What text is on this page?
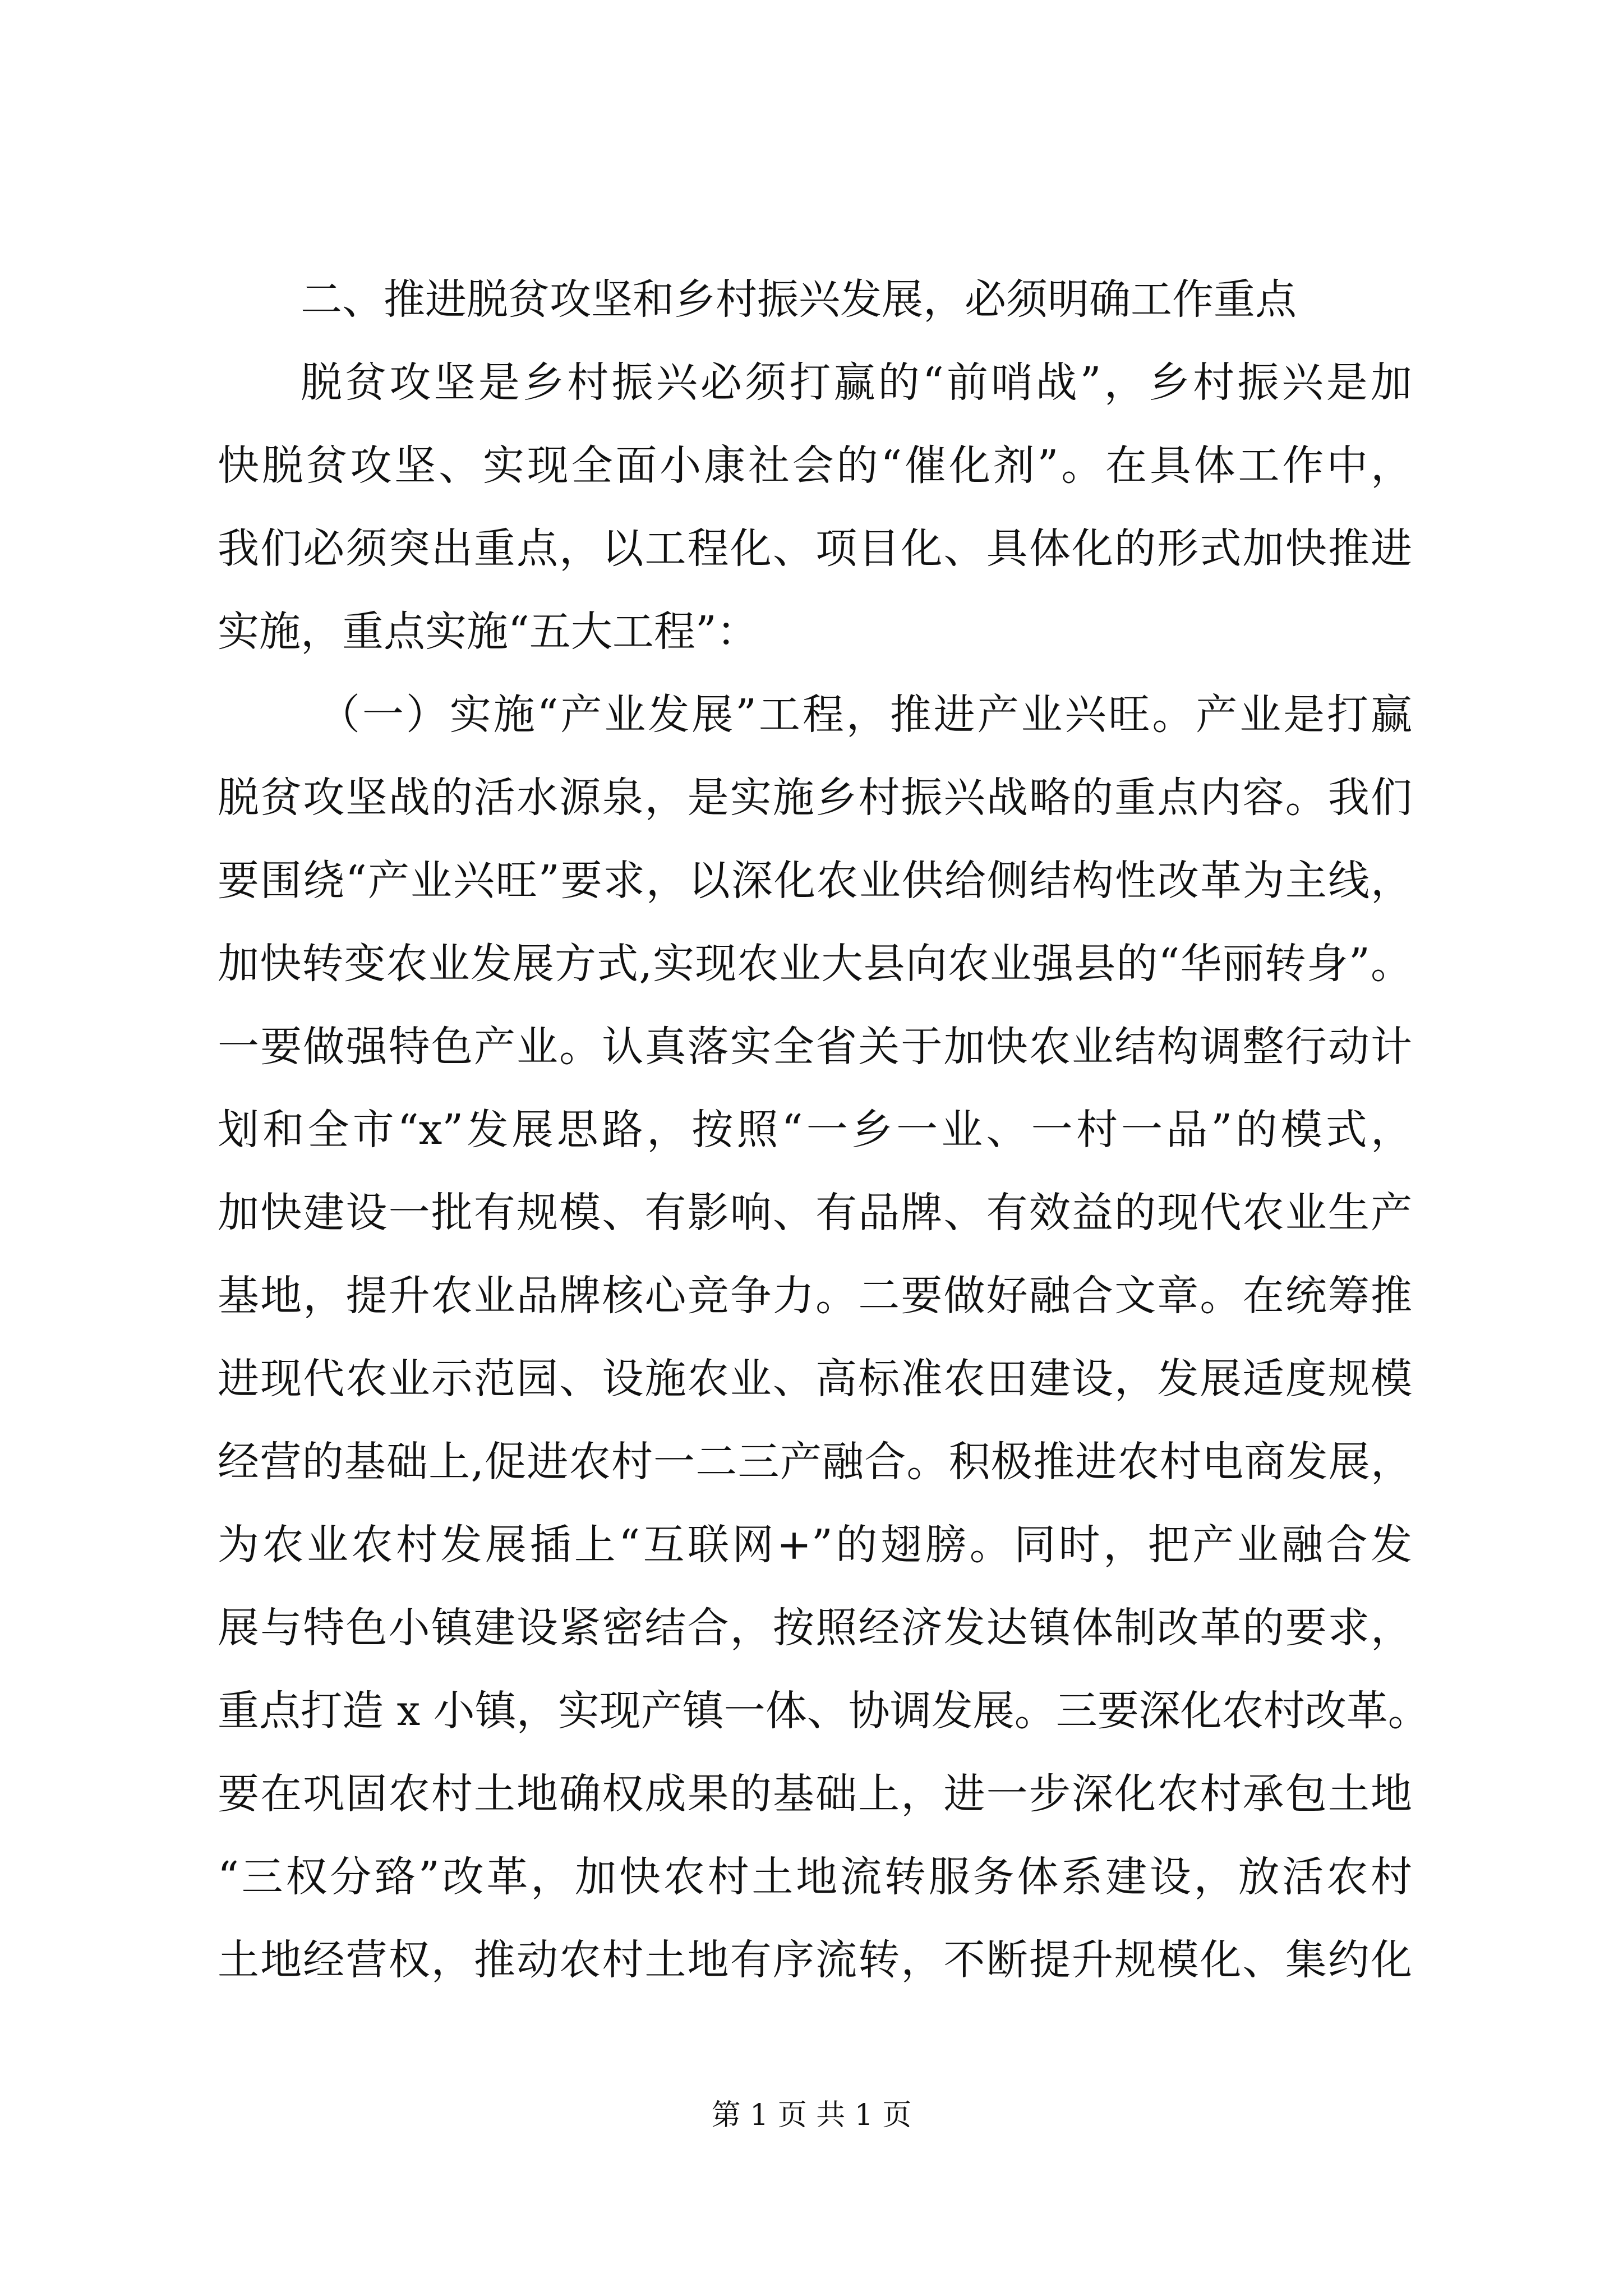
二、推进脱贫攻坚和乡村振兴发展，必须明确工作重点
脱贫攻坚是乡村振兴必须打赢的“前哨战”，乡村振兴是加
快脱贫攻坚、实现全面小康社会的“催化剂”。在具体工作中，
我们必须突出重点，以工程化、项目化、具体化的形式加快推进
实施，重点实施“五大工程”：
（一）实施“产业发展”工程，推进产业兴旺。产业是打赢
脱贫攻坚战的活水源泉，是实施乡村振兴战略的重点内容。我们
要围绕“产业兴旺”要求，以深化农业供给侧结构性改革为主线，
加快转变农业发展方式,实现农业大县向农业强县的“华丽转身”。
一要做强特色产业。认真落实全省关于加快农业结构调整行动计
划和全市“x”发展思路，按照“一乡一业、一村一品”的模式，
加快建设一批有规模、有影响、有品牌、有效益的现代农业生产
基地，提升农业品牌核心竞争力。二要做好融合文章。在统筹推
进现代农业示范园、设施农业、高标准农田建设，发展适度规模
经营的基础上,促进农村一二三产融合。积极推进农村电商发展，
为农业农村发展插上“互联网+”的翅膀。同时，把产业融合发
展与特色小镇建设紧密结合，按照经济发达镇体制改革的要求，
重点打造 x 小镇，实现产镇一体、协调发展。三要深化农村改革。
要在巩固农村土地确权成果的基础上，进一步深化农村承包土地
“三权分臵”改革，加快农村土地流转服务体系建设，放活农村
土地经营权，推动农村土地有序流转，不断提升规模化、集约化
第 1 页 共 1 页
